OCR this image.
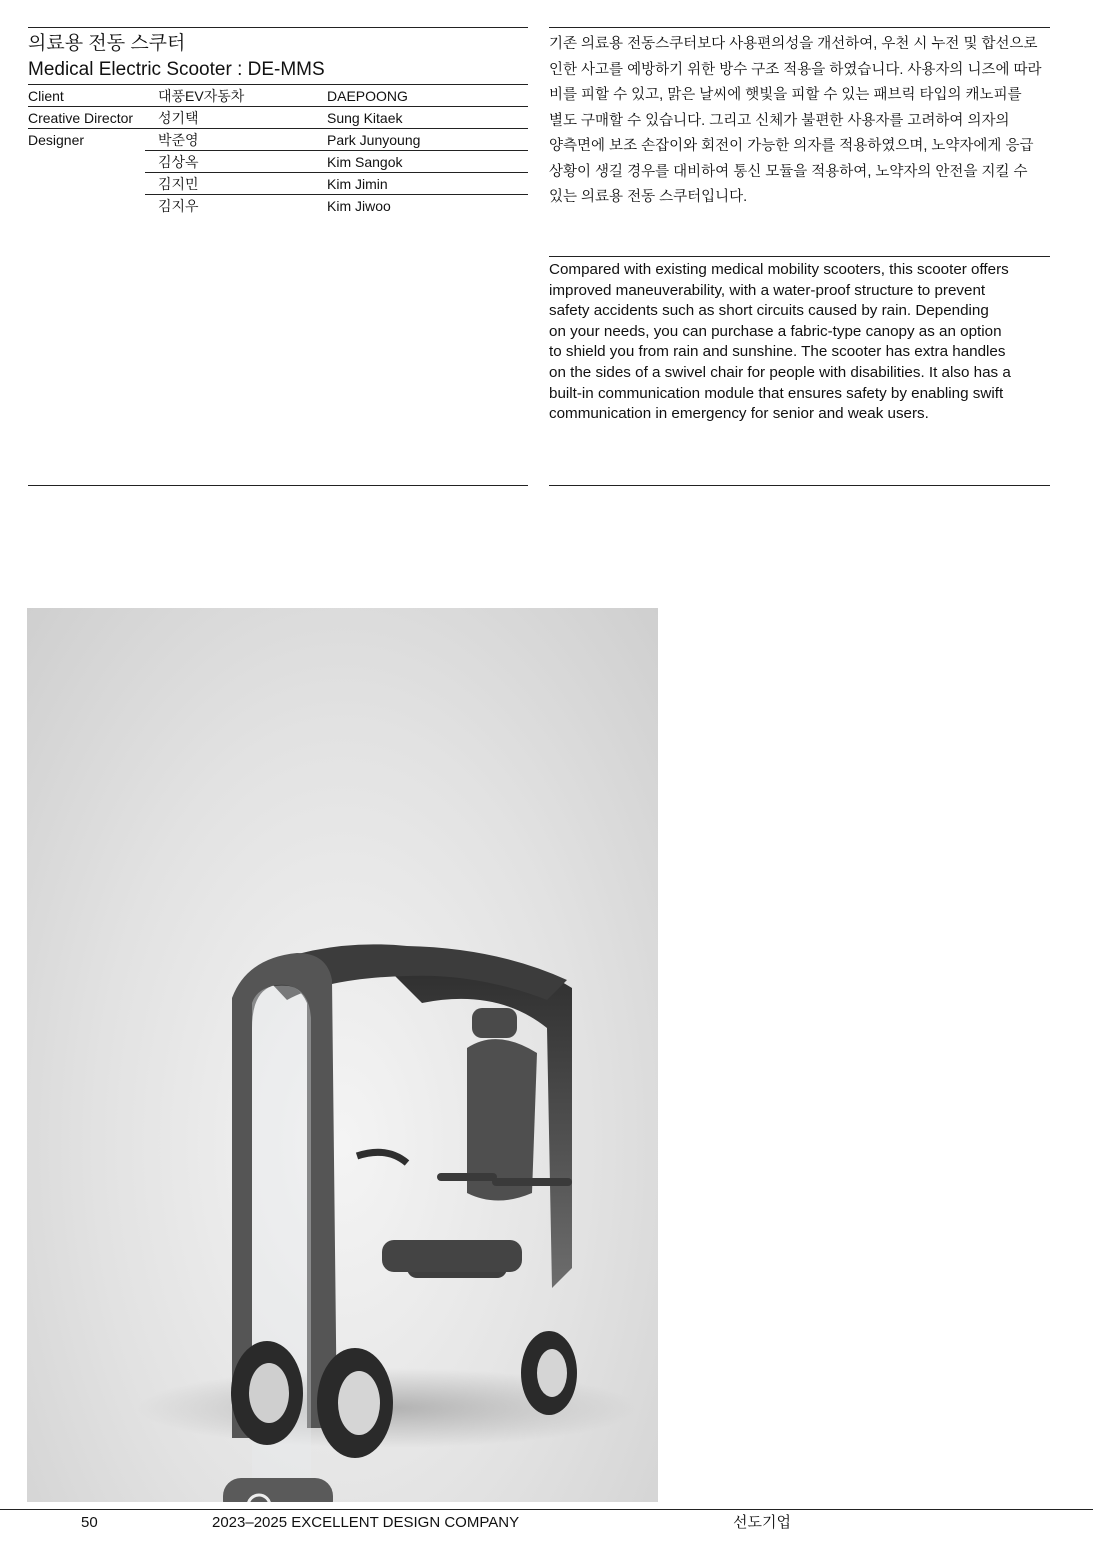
의료용 전동 스쿠터
Medical Electric Scooter : DE-MMS
Client	대풍EV자동차	DAEPOONG
Creative Director 성기택	Sung Kitaek
Designer	박준영	Park Junyoung
김상옥	Kim Sangok
김지민	Kim Jimin
김지우	Kim Jiwoo
기존 의료용 전동스쿠터보다 사용편의성을 개선하여, 우천 시 누전 및 합선으로
인한 사고를 예방하기 위한 방수 구조 적용을 하였습니다. 사용자의 니즈에 따라
비를 피할 수 있고, 맑은 날씨에 햇빛을 피할 수 있는 패브릭 타입의 캐노피를
별도 구매할 수 있습니다. 그리고 신체가 불편한 사용자를 고려하여 의자의
양측면에 보조 손잡이와 회전이 가능한 의자를 적용하였으며, 노약자에게 응급
상황이 생길 경우를 대비하여 통신 모듈을 적용하여, 노약자의 안전을 지킬 수
있는 의료용 전동 스쿠터입니다.
Compared with existing medical mobility scooters, this scooter offers
improved maneuverability, with a water-proof structure to prevent
safety accidents such as short circuits caused by rain. Depending
on your needs, you can purchase a fabric-type canopy as an option
to shield you from rain and sunshine. The scooter has extra handles
on the sides of a swivel chair for people with disabilities. It also has a
built-in communication module that ensures safety by enabling swift
communication in emergency for senior and weak users.
50	2023–2025 EXCELLENT DESIGN COMPANY	선도기업
